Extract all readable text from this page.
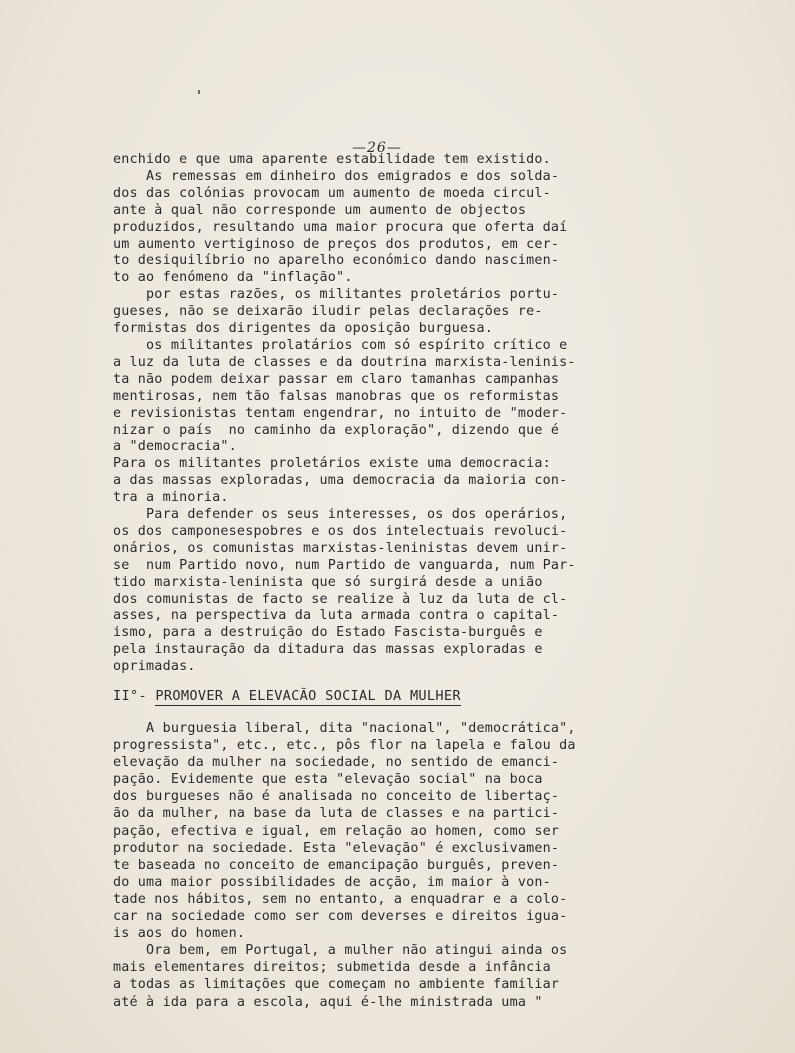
—26—
enchido e que uma aparente estabilidade tem existido.
As remessas em dinheiro dos emigrados e dos solda-
dos das colónias provocam um aumento de moeda circul-
ante à qual não corresponde um aumento de objectos
produzidos, resultando uma maior procura que oferta daí
um aumento vertiginoso de preços dos produtos, em cer-
to desiquilíbrio no aparelho económico dando nascimen-
to ao fenómeno da "inflação".
por estas razões, os militantes proletários portu-
gueses, não se deixarão iludir pelas declarações re-
formistas dos dirigentes da oposição burguesa.
os militantes prolatários com só espírito crítico e
a luz da luta de classes e da doutrina marxista-leninis-
ta não podem deixar passar em claro tamanhas campanhas
mentirosas, nem tão falsas manobras que os reformistas
e revisionistas tentam engendrar, no intuito de "moder-
nizar o país  no caminho da exploração", dizendo que é
a "democracia".
Para os militantes proletários existe uma democracia:
a das massas exploradas, uma democracia da maioria con-
tra a minoria.
Para defender os seus interesses, os dos operários,
os dos camponesespobres e os dos intelectuais revoluci-
onários, os comunistas marxistas-leninistas devem unir-
se  num Partido novo, num Partido de vanguarda, num Par-
tido marxista-leninista que só surgirá desde a união
dos comunistas de facto se realize à luz da luta de cl-
asses, na perspectiva da luta armada contra o capital-
ismo, para a destruição do Estado Fascista-burguês e
pela instauração da ditadura das massas exploradas e
oprimadas.
II°- PROMOVER A ELEVACÃO SOCIAL DA MULHER
A burguesia liberal, dita "nacional", "democrática",
progressista", etc., etc., pôs flor na lapela e falou da
elevação da mulher na sociedade, no sentido de emanci-
pação. Evidemente que esta "elevação social" na boca
dos burgueses não é analisada no conceito de libertaç-
ão da mulher, na base da luta de classes e na partici-
pação, efectiva e igual, em relação ao homen, como ser
produtor na sociedade. Esta "elevação" é exclusivamen-
te baseada no conceito de emancipação burguês, preven-
do uma maior possibilidades de acção, im maior à von-
tade nos hábitos, sem no entanto, a enquadrar e a colo-
car na sociedade como ser com deverses e direitos igua-
is aos do homen.
Ora bem, em Portugal, a mulher não atingui ainda os
mais elementares direitos; submetida desde a infância
a todas as limitações que começam no ambiente familiar
até à ida para a escola, aqui é-lhe ministrada uma "
